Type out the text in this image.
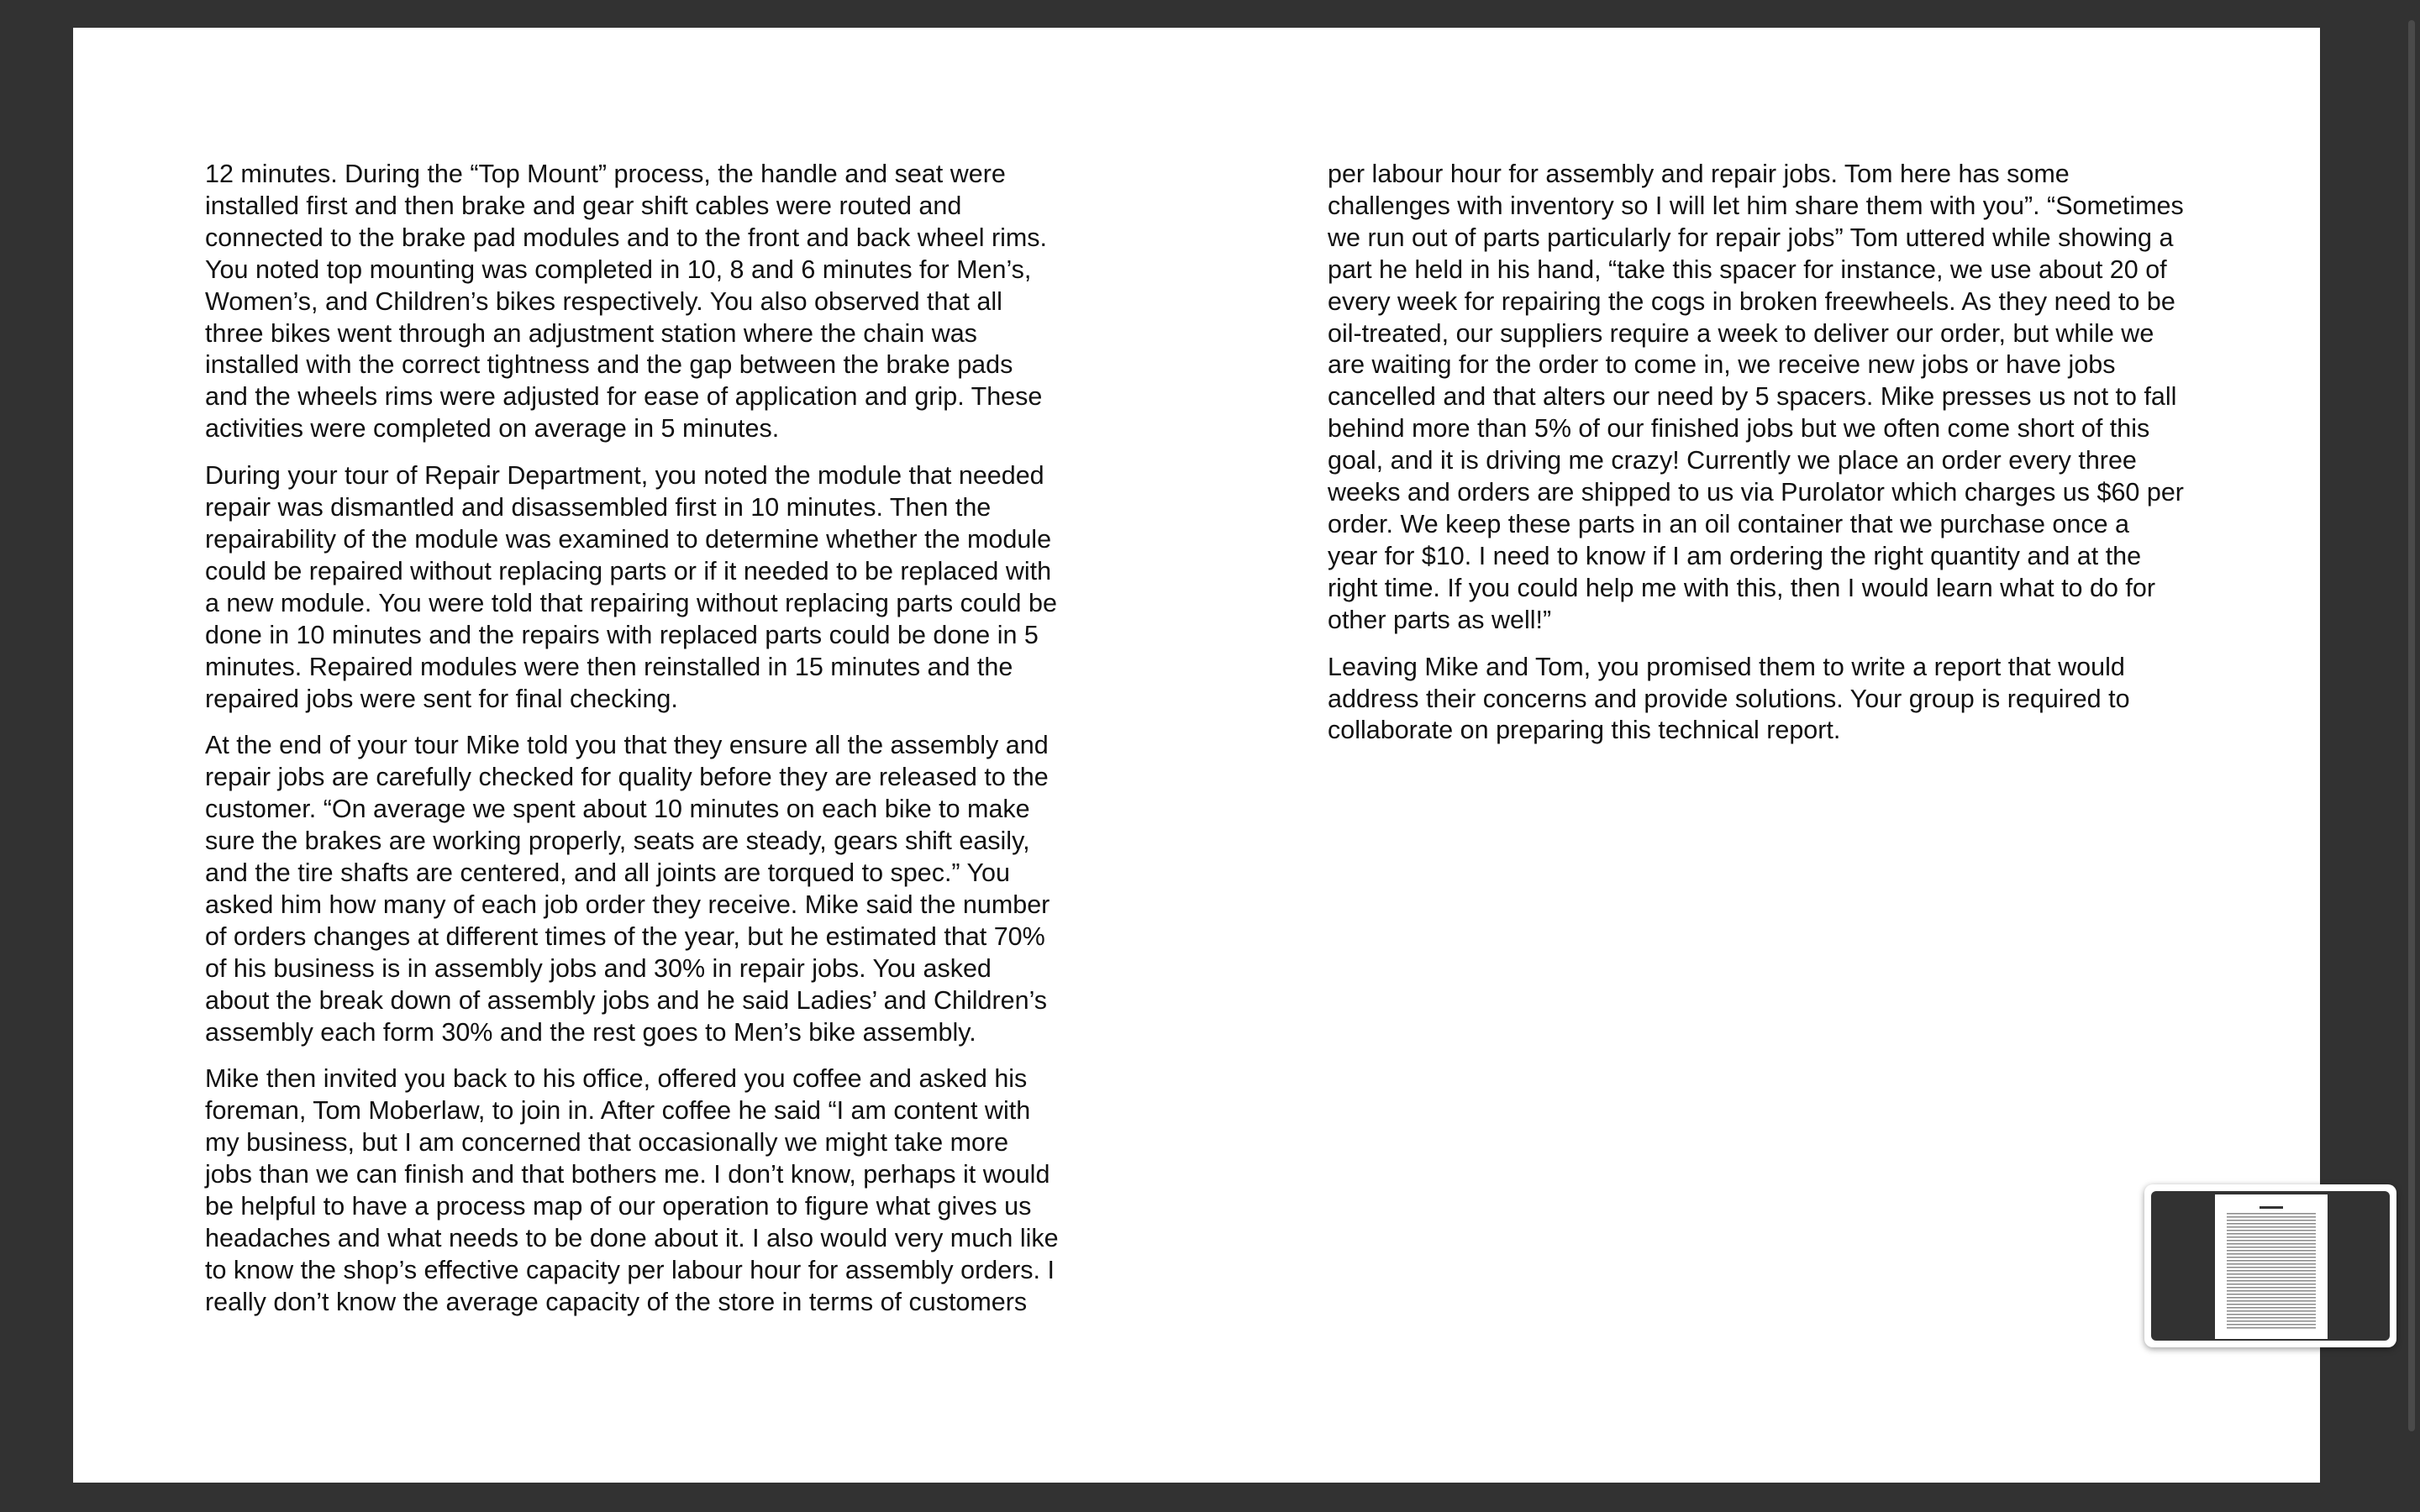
12 minutes. During the “Top Mount” process, the handle and seat were
installed first and then brake and gear shift cables were routed and
connected to the brake pad modules and to the front and back wheel rims.
You noted top mounting was completed in 10, 8 and 6 minutes for Men’s,
Women’s, and Children’s bikes respectively. You also observed that all
three bikes went through an adjustment station where the chain was
installed with the correct tightness and the gap between the brake pads
and the wheels rims were adjusted for ease of application and grip. These
activities were completed on average in 5 minutes.

During your tour of Repair Department, you noted the module that needed
repair was dismantled and disassembled first in 10 minutes. Then the
repairability of the module was examined to determine whether the module
could be repaired without replacing parts or if it needed to be replaced with
a new module. You were told that repairing without replacing parts could be
done in 10 minutes and the repairs with replaced parts could be done in 5
minutes. Repaired modules were then reinstalled in 15 minutes and the
repaired jobs were sent for final checking.

At the end of your tour Mike told you that they ensure all the assembly and
repair jobs are carefully checked for quality before they are released to the
customer. “On average we spent about 10 minutes on each bike to make
sure the brakes are working properly, seats are steady, gears shift easily,
and the tire shafts are centered, and all joints are torqued to spec.” You
asked him how many of each job order they receive. Mike said the number
of orders changes at different times of the year, but he estimated that 70%
of his business is in assembly jobs and 30% in repair jobs. You asked
about the break down of assembly jobs and he said Ladies’ and Children’s
assembly each form 30% and the rest goes to Men’s bike assembly.

Mike then invited you back to his office, offered you coffee and asked his
foreman, Tom Moberlaw, to join in. After coffee he said “I am content with
my business, but I am concerned that occasionally we might take more
jobs than we can finish and that bothers me. I don’t know, perhaps it would
be helpful to have a process map of our operation to figure what gives us
headaches and what needs to be done about it. I also would very much like
to know the shop’s effective capacity per labour hour for assembly orders. I
really don’t know the average capacity of the store in terms of customers

per labour hour for assembly and repair jobs. Tom here has some
challenges with inventory so I will let him share them with you”. “Sometimes
we run out of parts particularly for repair jobs” Tom uttered while showing a
part he held in his hand, “take this spacer for instance, we use about 20 of
every week for repairing the cogs in broken freewheels. As they need to be
oil-treated, our suppliers require a week to deliver our order, but while we
are waiting for the order to come in, we receive new jobs or have jobs
cancelled and that alters our need by 5 spacers. Mike presses us not to fall
behind more than 5% of our finished jobs but we often come short of this
goal, and it is driving me crazy! Currently we place an order every three
weeks and orders are shipped to us via Purolator which charges us $60 per
order. We keep these parts in an oil container that we purchase once a
year for $10. I need to know if I am ordering the right quantity and at the
right time. If you could help me with this, then I would learn what to do for
other parts as well!”

Leaving Mike and Tom, you promised them to write a report that would
address their concerns and provide solutions. Your group is required to
collaborate on preparing this technical report.
